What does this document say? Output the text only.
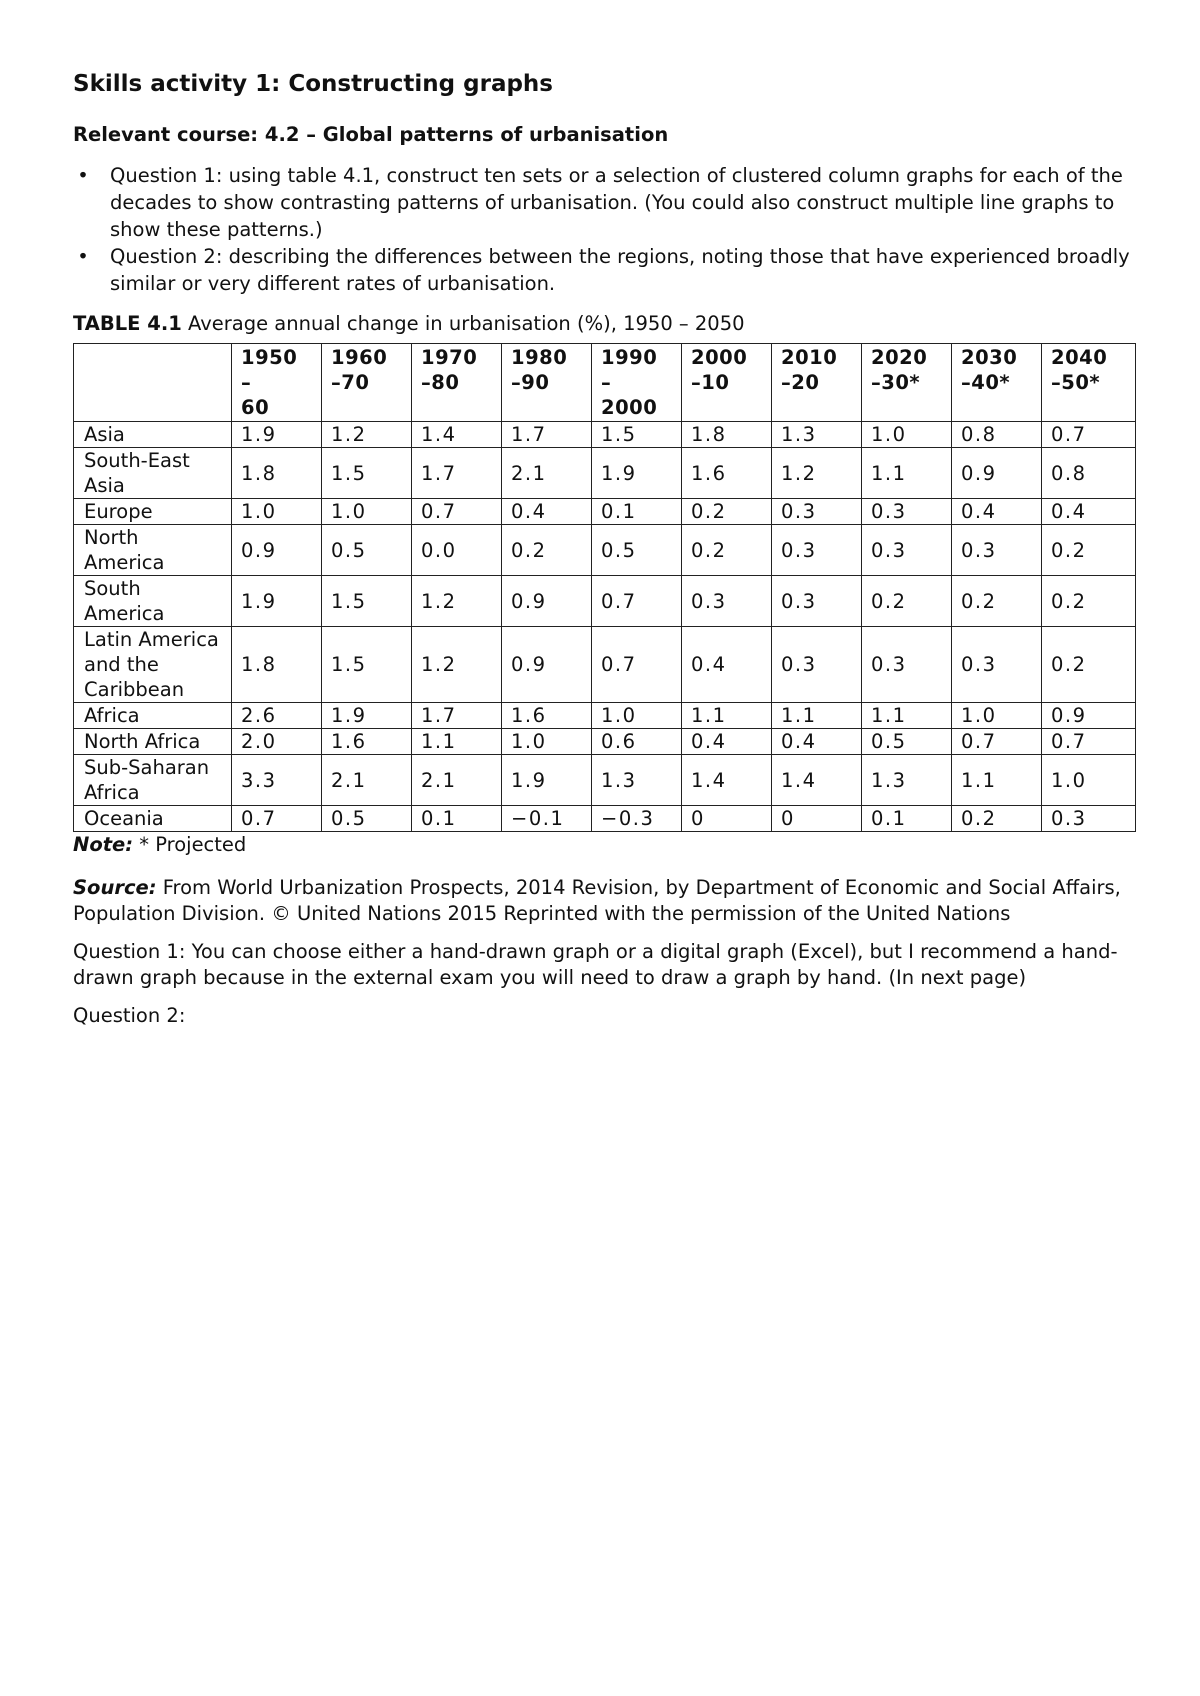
Skills activity 1: Constructing graphs

Relevant course: 4.2 – Global patterns of urbanisation

• Question 1: using table 4.1, construct ten sets or a selection of clustered column graphs for each of the decades to show contrasting patterns of urbanisation. (You could also construct multiple line graphs to show these patterns.)
• Question 2: describing the differences between the regions, noting those that have experienced broadly similar or very different rates of urbanisation.

TABLE 4.1 Average annual change in urbanisation (%), 1950 – 2050

	1950
–
60	1960
–70	1970
–80	1980
–90	1990
–
2000	2000
–10	2010
–20	2020
–30*	2030
–40*	2040
–50*
Asia	1.9	1.2	1.4	1.7	1.5	1.8	1.3	1.0	0.8	0.7
South-East Asia	1.8	1.5	1.7	2.1	1.9	1.6	1.2	1.1	0.9	0.8
Europe	1.0	1.0	0.7	0.4	0.1	0.2	0.3	0.3	0.4	0.4
North America	0.9	0.5	0.0	0.2	0.5	0.2	0.3	0.3	0.3	0.2
South America	1.9	1.5	1.2	0.9	0.7	0.3	0.3	0.2	0.2	0.2
Latin America and the Caribbean	1.8	1.5	1.2	0.9	0.7	0.4	0.3	0.3	0.3	0.2
Africa	2.6	1.9	1.7	1.6	1.0	1.1	1.1	1.1	1.0	0.9
North Africa	2.0	1.6	1.1	1.0	0.6	0.4	0.4	0.5	0.7	0.7
Sub-Saharan Africa	3.3	2.1	2.1	1.9	1.3	1.4	1.4	1.3	1.1	1.0
Oceania	0.7	0.5	0.1	−0.1	−0.3	0	0	0.1	0.2	0.3

Note: * Projected

Source: From World Urbanization Prospects, 2014 Revision, by Department of Economic and Social Affairs, Population Division. © United Nations 2015 Reprinted with the permission of the United Nations

Question 1: You can choose either a hand-drawn graph or a digital graph (Excel), but I recommend a hand-drawn graph because in the external exam you will need to draw a graph by hand. (In next page)

Question 2:
